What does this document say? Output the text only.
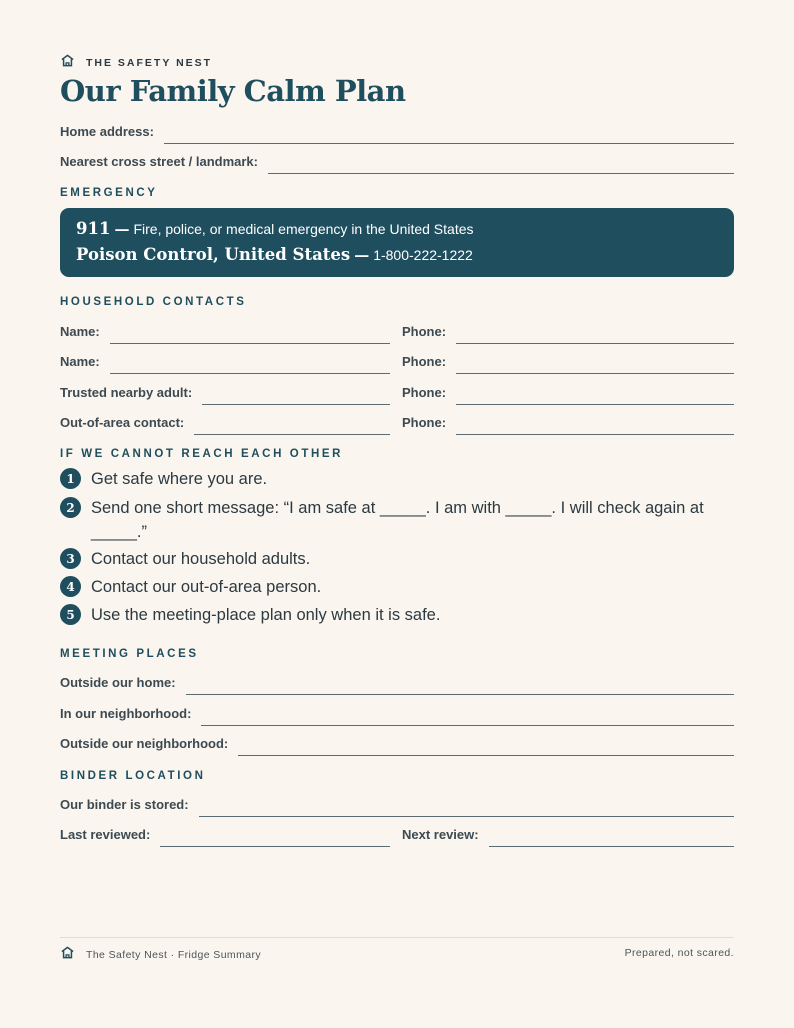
THE SAFETY NEST
Our Family Calm Plan
Home address:
Nearest cross street / landmark:
EMERGENCY
911 — Fire, police, or medical emergency in the United States
Poison Control, United States — 1-800-222-1222
HOUSEHOLD CONTACTS
Name:	Phone:
Name:	Phone:
Trusted nearby adult:	Phone:
Out-of-area contact:	Phone:
IF WE CANNOT REACH EACH OTHER
1 Get safe where you are.
2 Send one short message: “I am safe at _____. I am with _____. I will check again at _____.”
3 Contact our household adults.
4 Contact our out-of-area person.
5 Use the meeting-place plan only when it is safe.
MEETING PLACES
Outside our home:
In our neighborhood:
Outside our neighborhood:
BINDER LOCATION
Our binder is stored:
Last reviewed:	Next review:
The Safety Nest · Fridge Summary	Prepared, not scared.
